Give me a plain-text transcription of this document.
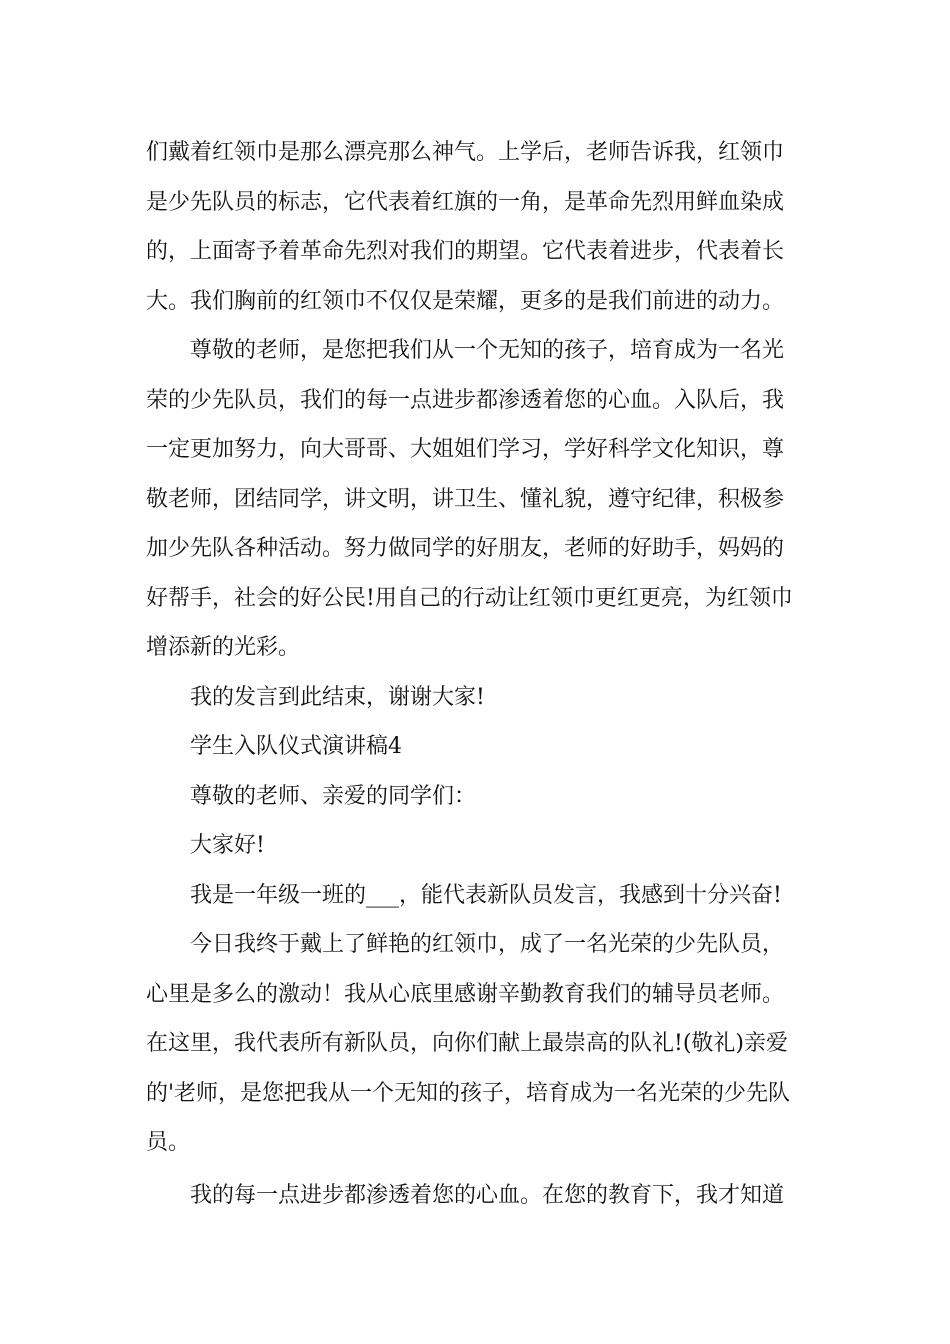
们戴着红领巾是那么漂亮那么神气。上学后，老师告诉我，红领巾
是少先队员的标志，它代表着红旗的一角，是革命先烈用鲜血染成
的，上面寄予着革命先烈对我们的期望。它代表着进步，代表着长
大。我们胸前的红领巾不仅仅是荣耀，更多的是我们前进的动力。
尊敬的老师，是您把我们从一个无知的孩子，培育成为一名光
荣的少先队员，我们的每一点进步都渗透着您的心血。入队后，我
一定更加努力，向大哥哥、大姐姐们学习，学好科学文化知识，尊
敬老师，团结同学，讲文明，讲卫生、懂礼貌，遵守纪律，积极参
加少先队各种活动。努力做同学的好朋友，老师的好助手，妈妈的
好帮手，社会的好公民!用自己的行动让红领巾更红更亮，为红领巾
增添新的光彩。
我的发言到此结束，谢谢大家!
学生入队仪式演讲稿4
尊敬的老师、亲爱的同学们：
大家好!
我是一年级一班的___，能代表新队员发言，我感到十分兴奋!
今日我终于戴上了鲜艳的红领巾，成了一名光荣的少先队员，
心里是多么的激动！我从心底里感谢辛勤教育我们的辅导员老师。
在这里，我代表所有新队员，向你们献上最崇高的队礼!(敬礼)亲爱
的'老师，是您把我从一个无知的孩子，培育成为一名光荣的少先队
员。
我的每一点进步都渗透着您的心血。在您的教育下，我才知道
